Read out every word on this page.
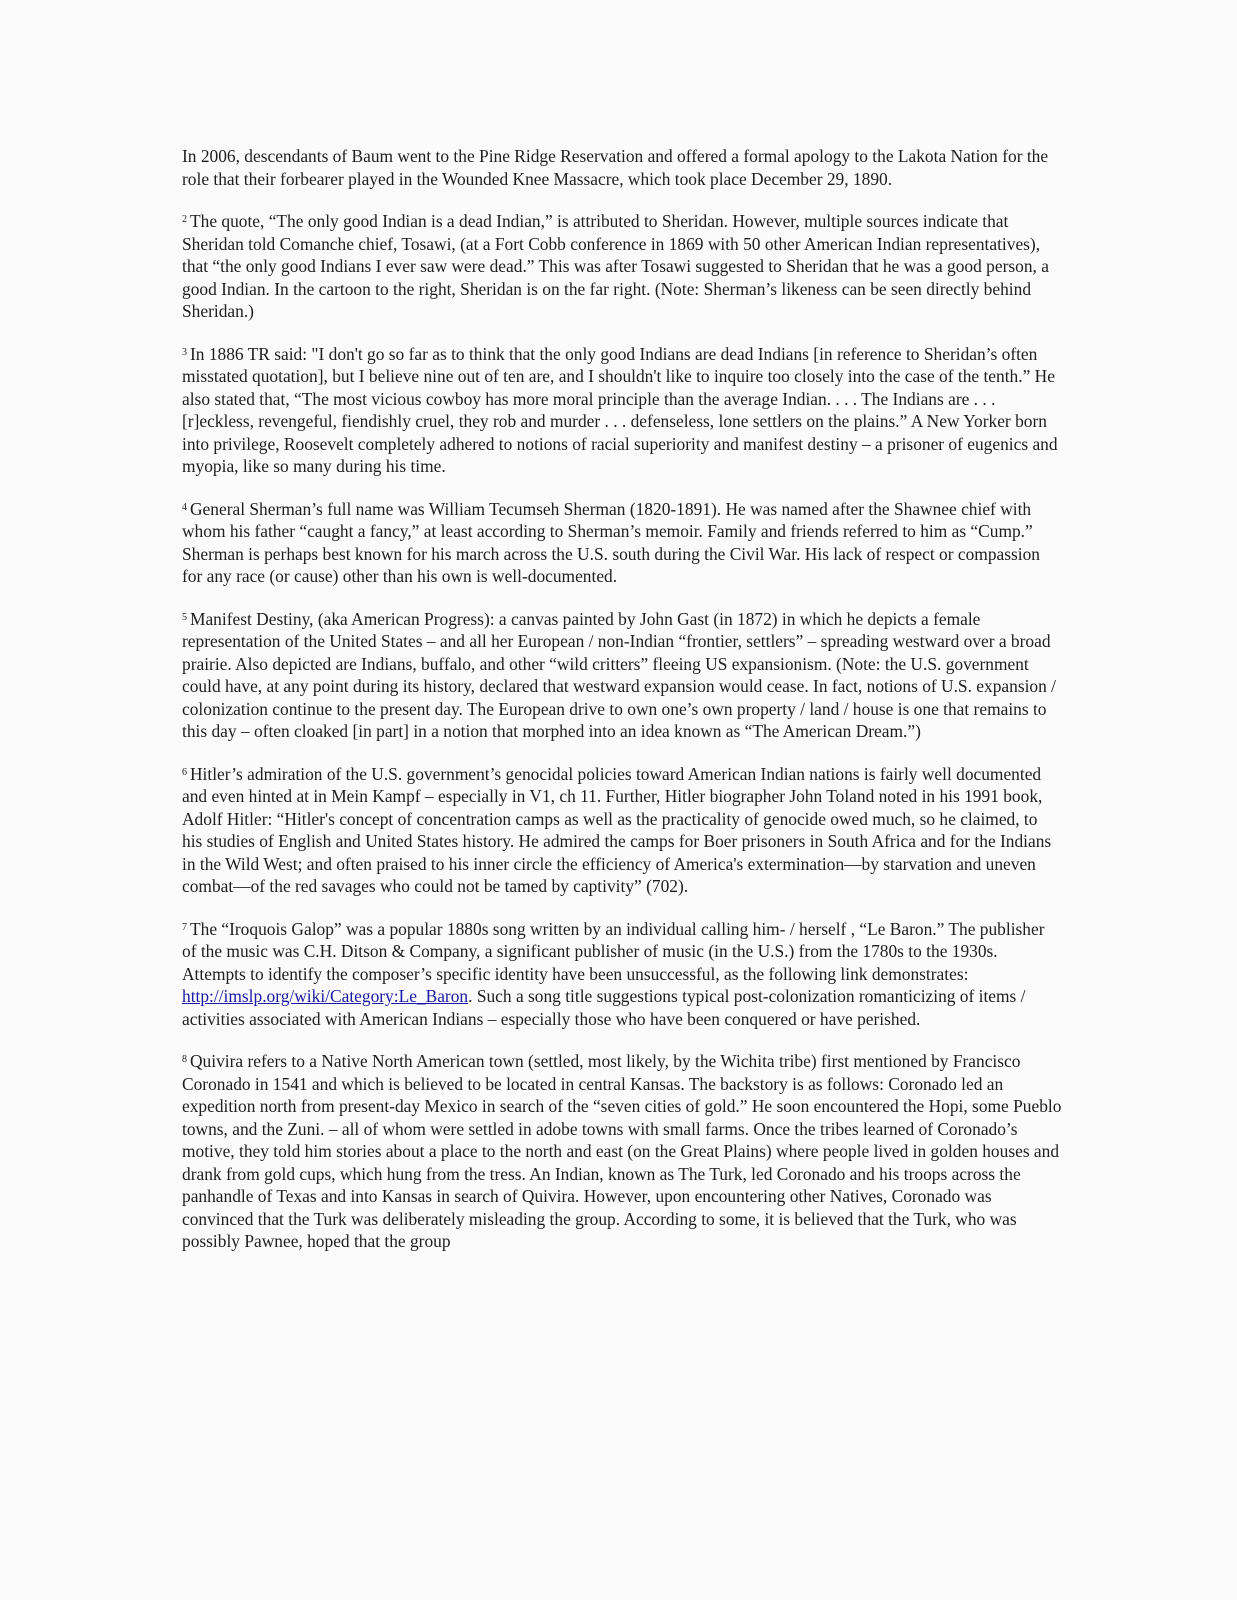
In 2006, descendants of Baum went to the Pine Ridge Reservation and offered a formal apology to the Lakota Nation for the role that their forbearer played in the Wounded Knee Massacre, which took place December 29, 1890.

$^2$ The quote, “The only good Indian is a dead Indian,” is attributed to Sheridan. However, multiple sources indicate that Sheridan told Comanche chief, Tosawi, (at a Fort Cobb conference in 1869 with 50 other American Indian representatives), that “the only good Indians I ever saw were dead.” This was after Tosawi suggested to Sheridan that he was a good person, a good Indian. In the cartoon to the right, Sheridan is on the far right. (Note: Sherman’s likeness can be seen directly behind Sheridan.)

$^3$ In 1886 TR said: "I don't go so far as to think that the only good Indians are dead Indians [in reference to Sheridan’s often misstated quotation], but I believe nine out of ten are, and I shouldn't like to inquire too closely into the case of the tenth.” He also stated that, “The most vicious cowboy has more moral principle than the average Indian. . . . The Indians are . . . [r]eckless, revengeful, fiendishly cruel, they rob and murder . . . defenseless, lone settlers on the plains.” A New Yorker born into privilege, Roosevelt completely adhered to notions of racial superiority and manifest destiny – a prisoner of eugenics and myopia, like so many during his time.

$^4$ General Sherman’s full name was William Tecumseh Sherman (1820-1891). He was named after the Shawnee chief with whom his father “caught a fancy,” at least according to Sherman’s memoir. Family and friends referred to him as “Cump.” Sherman is perhaps best known for his march across the U.S. south during the Civil War. His lack of respect or compassion for any race (or cause) other than his own is well-documented.

$^5$ Manifest Destiny, (aka American Progress): a canvas painted by John Gast (in 1872) in which he depicts a female representation of the United States – and all her European / non-Indian “frontier, settlers” – spreading westward over a broad prairie. Also depicted are Indians, buffalo, and other “wild critters” fleeing US expansionism. (Note: the U.S. government could have, at any point during its history, declared that westward expansion would cease. In fact, notions of U.S. expansion / colonization continue to the present day. The European drive to own one’s own property / land / house is one that remains to this day – often cloaked [in part] in a notion that morphed into an idea known as “The American Dream.”)

$^6$ Hitler’s admiration of the U.S. government’s genocidal policies toward American Indian nations is fairly well documented and even hinted at in Mein Kampf – especially in V1, ch 11. Further, Hitler biographer John Toland noted in his 1991 book, Adolf Hitler: “Hitler's concept of concentration camps as well as the practicality of genocide owed much, so he claimed, to his studies of English and United States history. He admired the camps for Boer prisoners in South Africa and for the Indians in the Wild West; and often praised to his inner circle the efficiency of America's extermination—by starvation and uneven combat—of the red savages who could not be tamed by captivity” (702).

$^7$ The “Iroquois Galop” was a popular 1880s song written by an individual calling him- / herself , “Le Baron.” The publisher of the music was C.H. Ditson & Company, a significant publisher of music (in the U.S.) from the 1780s to the 1930s. Attempts to identify the composer’s specific identity have been unsuccessful, as the following link demonstrates: http://imslp.org/wiki/Category:Le_Baron. Such a song title suggestions typical post-colonization romanticizing of items / activities associated with American Indians – especially those who have been conquered or have perished.

$^8$ Quivira refers to a Native North American town (settled, most likely, by the Wichita tribe) first mentioned by Francisco Coronado in 1541 and which is believed to be located in central Kansas. The backstory is as follows: Coronado led an expedition north from present-day Mexico in search of the “seven cities of gold.” He soon encountered the Hopi, some Pueblo towns, and the Zuni. – all of whom were settled in adobe towns with small farms. Once the tribes learned of Coronado’s motive, they told him stories about a place to the north and east (on the Great Plains) where people lived in golden houses and drank from gold cups, which hung from the tress. An Indian, known as The Turk, led Coronado and his troops across the panhandle of Texas and into Kansas in search of Quivira. However, upon encountering other Natives, Coronado was convinced that the Turk was deliberately misleading the group. According to some, it is believed that the Turk, who was possibly Pawnee, hoped that the group
